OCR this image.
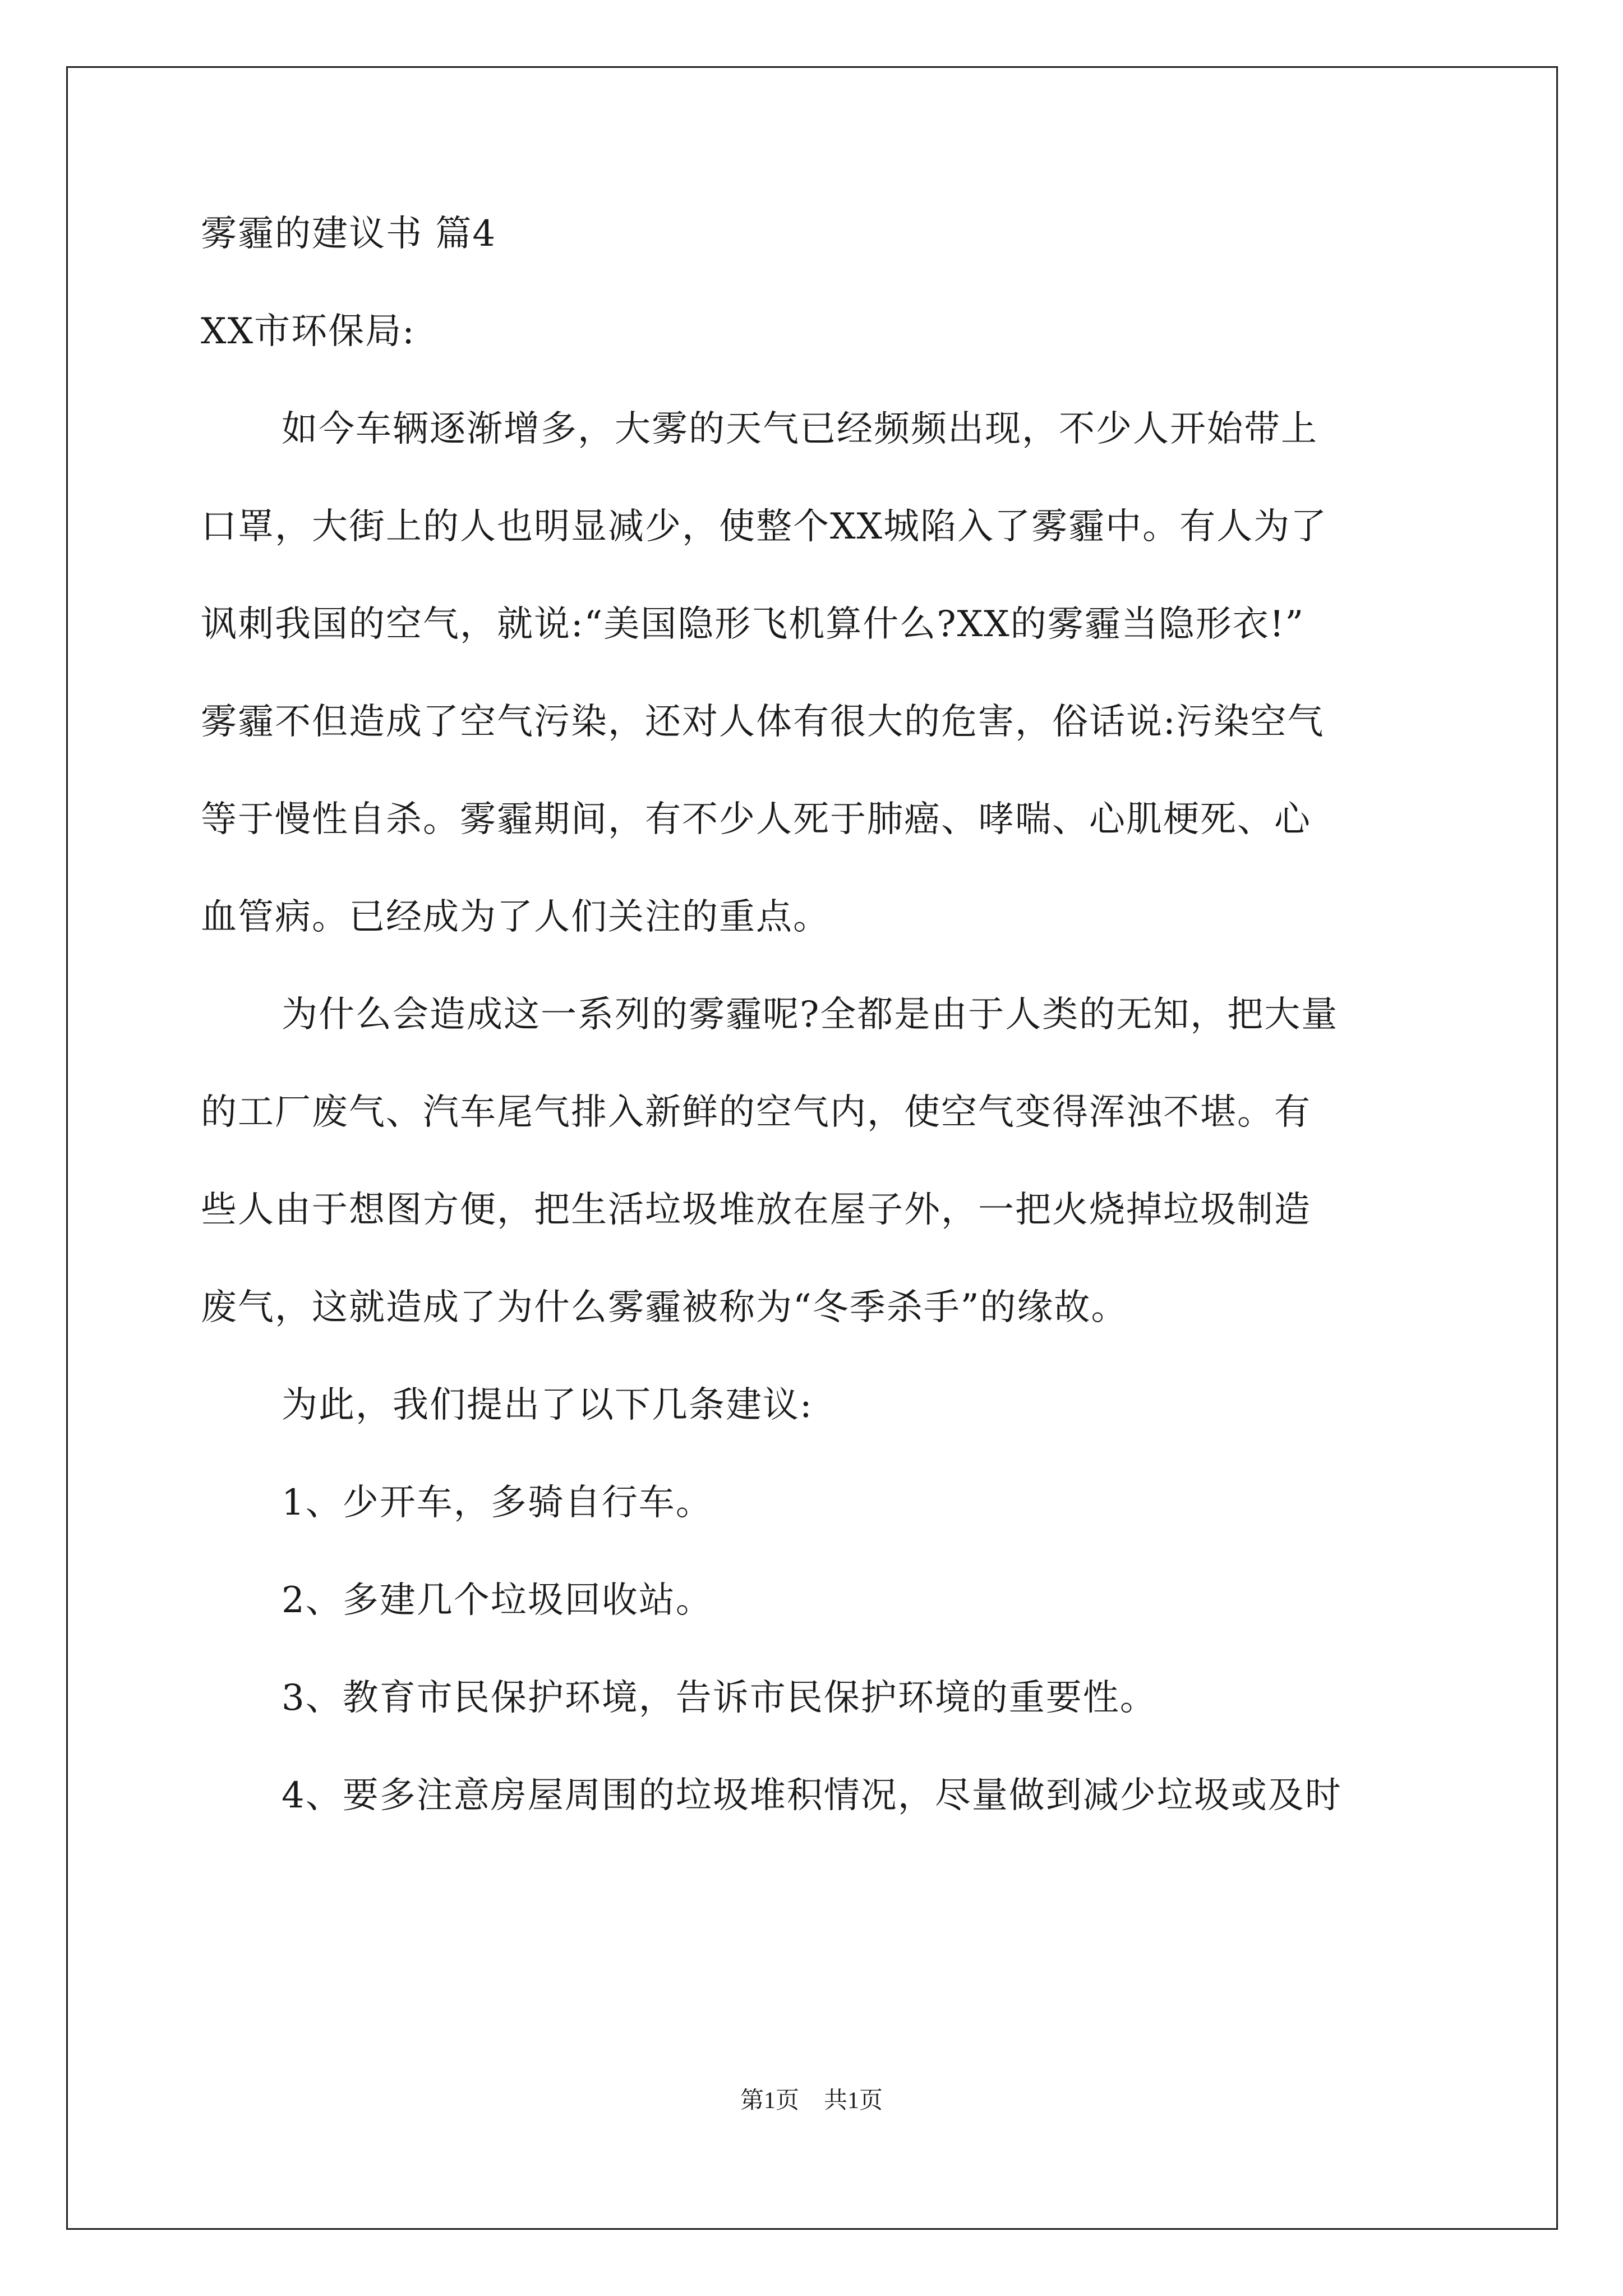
雾霾的建议书 篇4
XX市环保局:
如今车辆逐渐增多，大雾的天气已经频频出现，不少人开始带上
口罩，大街上的人也明显减少，使整个XX城陷入了雾霾中。有人为了
讽刺我国的空气，就说:“美国隐形飞机算什么?XX的雾霾当隐形衣!”
雾霾不但造成了空气污染，还对人体有很大的危害，俗话说:污染空气
等于慢性自杀。雾霾期间，有不少人死于肺癌、哮喘、心肌梗死、心
血管病。已经成为了人们关注的重点。
为什么会造成这一系列的雾霾呢?全都是由于人类的无知，把大量
的工厂废气、汽车尾气排入新鲜的空气内，使空气变得浑浊不堪。有
些人由于想图方便，把生活垃圾堆放在屋子外，一把火烧掉垃圾制造
废气，这就造成了为什么雾霾被称为“冬季杀手”的缘故。
为此，我们提出了以下几条建议:
1、少开车，多骑自行车。
2、多建几个垃圾回收站。
3、教育市民保护环境，告诉市民保护环境的重要性。
4、要多注意房屋周围的垃圾堆积情况，尽量做到减少垃圾或及时
第1页 共1页
